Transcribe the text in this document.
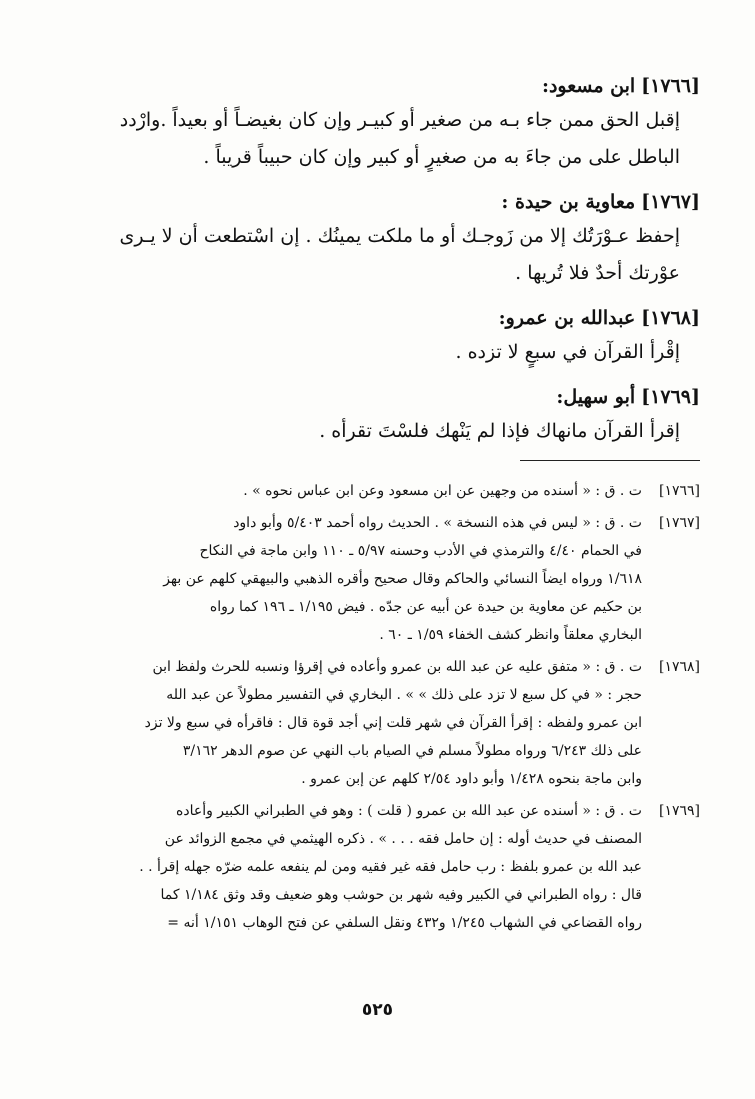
[١٧٦٦]ابن مسعود:
إقبل الحق ممن جاء بـه من صغير أو كبيـر وإن كان بغيضـاً أو بعيداً .وارْدد
الباطل على من جاءَ به من صغيرٍ أو كبير وإن كان حبيباً قريباً .
[١٧٦٧]معاوية بن حيدة :
إحفظ عـوْرَتُك إلا من زَوجـك أو ما ملكت يمينُك . إن اسْتطعت أن لا يـرى
عوْرتك أحدٌ فلا تُريها .
[١٧٦٨]عبدالله بن عمرو:
إقْرأ القرآن في سبعٍ لا تزده .
[١٧٦٩]أبو سهيل:
إقرأ القرآن مانهاك فإذا لم يَنْهك فلسْتَ تقرأه .
[١٧٦٦]
ت . ق : « أسنده من وجهين عن ابن مسعود وعن ابن عباس نحوه » .
[١٧٦٧]
ت . ق : « ليس في هذه النسخة » . الحديث رواه أحمد ٥/٤٠٣ وأبو داود
في الحمام ٤/٤٠ والترمذي في الأدب وحسنه ٥/٩٧ ـ ١١٠ وابن ماجة في النكاح
١/٦١٨ ورواه ايضاً النسائي والحاكم وقال صحيح وأقره الذهبي والبيهقي كلهم عن بهز
بن حكيم عن معاوية بن حيدة عن أبيه عن جدّه . فيض ١/١٩٥ ـ ١٩٦ كما رواه
البخاري معلقاً وانظر كشف الخفاء ١/٥٩ ـ ٦٠ .
[١٧٦٨]
ت . ق : « متفق عليه عن عبد الله بن عمرو وأعاده في إقرؤا ونسبه للحرث ولفظ ابن
حجر : « في كل سبع لا تزد على ذلك » » . البخاري في التفسير مطولاً عن عبد الله
ابن عمرو ولفظه : إقرأ القرآن في شهر قلت إني أجد قوة قال : فاقرأه في سبع ولا تزد
على ذلك ٦/٢٤٣ ورواه مطولاً مسلم في الصيام باب النهي عن صوم الدهر ٣/١٦٢
وابن ماجة بنحوه ١/٤٢٨ وأبو داود ٢/٥٤ كلهم عن إبن عمرو .
[١٧٦٩]
ت . ق : « أسنده عن عبد الله بن عمرو ( قلت ) : وهو في الطبراني الكبير وأعاده
المصنف في حديث أوله : إن حامل فقه . . . » . ذكره الهيثمي في مجمع الزوائد عن
عبد الله بن عمرو بلفظ : رب حامل فقه غير فقيه ومن لم ينفعه علمه ضرّه جهله إقرأ . .
قال : رواه الطبراني في الكبير وفيه شهر بن حوشب وهو ضعيف وقد وثق ١/١٨٤ كما
رواه القضاعي في الشهاب ١/٢٤٥ و٤٣٢ ونقل السلفي عن فتح الوهاب ١/١٥١ أنه =
٥٢٥
